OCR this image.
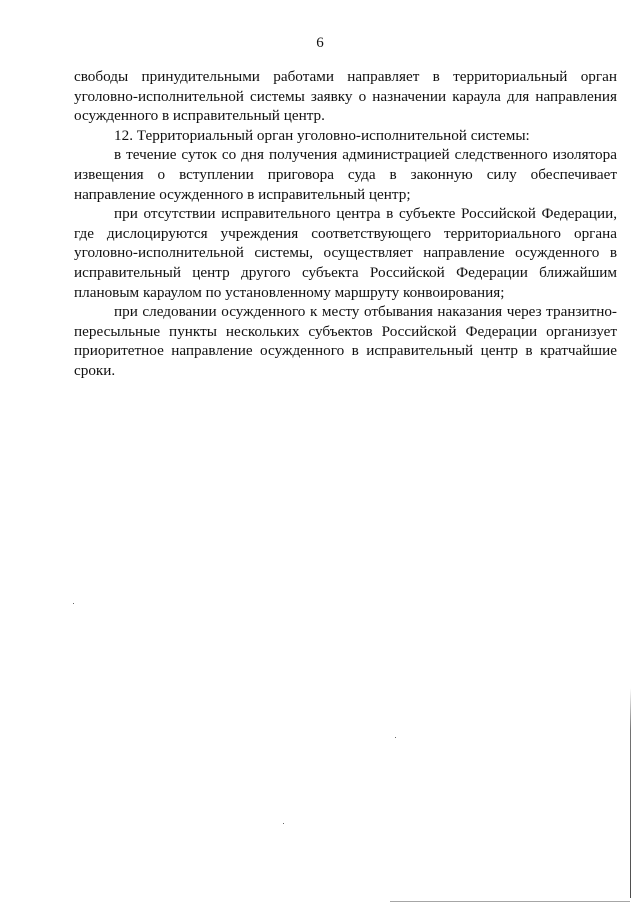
6

свободы принудительными работами направляет в территориальный орган уголовно-исполнительной системы заявку о назначении караула для направления осужденного в исправительный центр.

12. Территориальный орган уголовно-исполнительной системы:

в течение суток со дня получения администрацией следственного изолятора извещения о вступлении приговора суда в законную силу обеспечивает направление осужденного в исправительный центр;

при отсутствии исправительного центра в субъекте Российской Федерации, где дислоцируются учреждения соответствующего территориального органа уголовно-исполнительной системы, осуществляет направление осужденного в исправительный центр другого субъекта Российской Федерации ближайшим плановым караулом по установленному маршруту конвоирования;

при следовании осужденного к месту отбывания наказания через транзитно-пересыльные пункты нескольких субъектов Российской Федерации организует приоритетное направление осужденного в исправительный центр в кратчайшие сроки.
